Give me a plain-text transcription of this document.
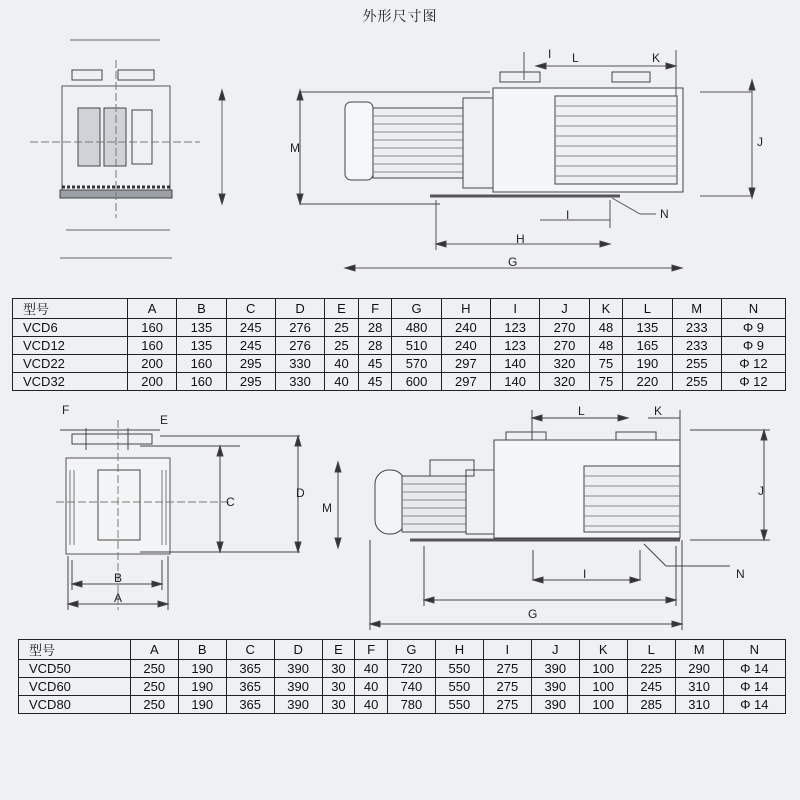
外形尺寸图
I L	K
M	J
I
H
G
N
型号	A	B	C	D	E	F	G	H	I	J	K	L	M	N
VCD6	160	135	245	276	25	28	480	240	123	270	48	135	233	Φ 9
VCD12	160	135	245	276	25	28	510	240	123	270	48	165	233	Φ 9
VCD22	200	160	295	330	40	45	570	297	140	320	75	190	255	Φ 12
VCD32	200	160	295	330	40	45	600	297	140	320	75	220	255	Φ 12
F
E
C
D
B
A
L	K
M
J
I
G
N
型号	A	B	C	D	E	F	G	H	I	J	K	L	M	N
VCD50	250	190	365	390	30	40	720	550	275	390	100	225	290	Φ 14
VCD60	250	190	365	390	30	40	740	550	275	390	100	245	310	Φ 14
VCD80	250	190	365	390	30	40	780	550	275	390	100	285	310	Φ 14
